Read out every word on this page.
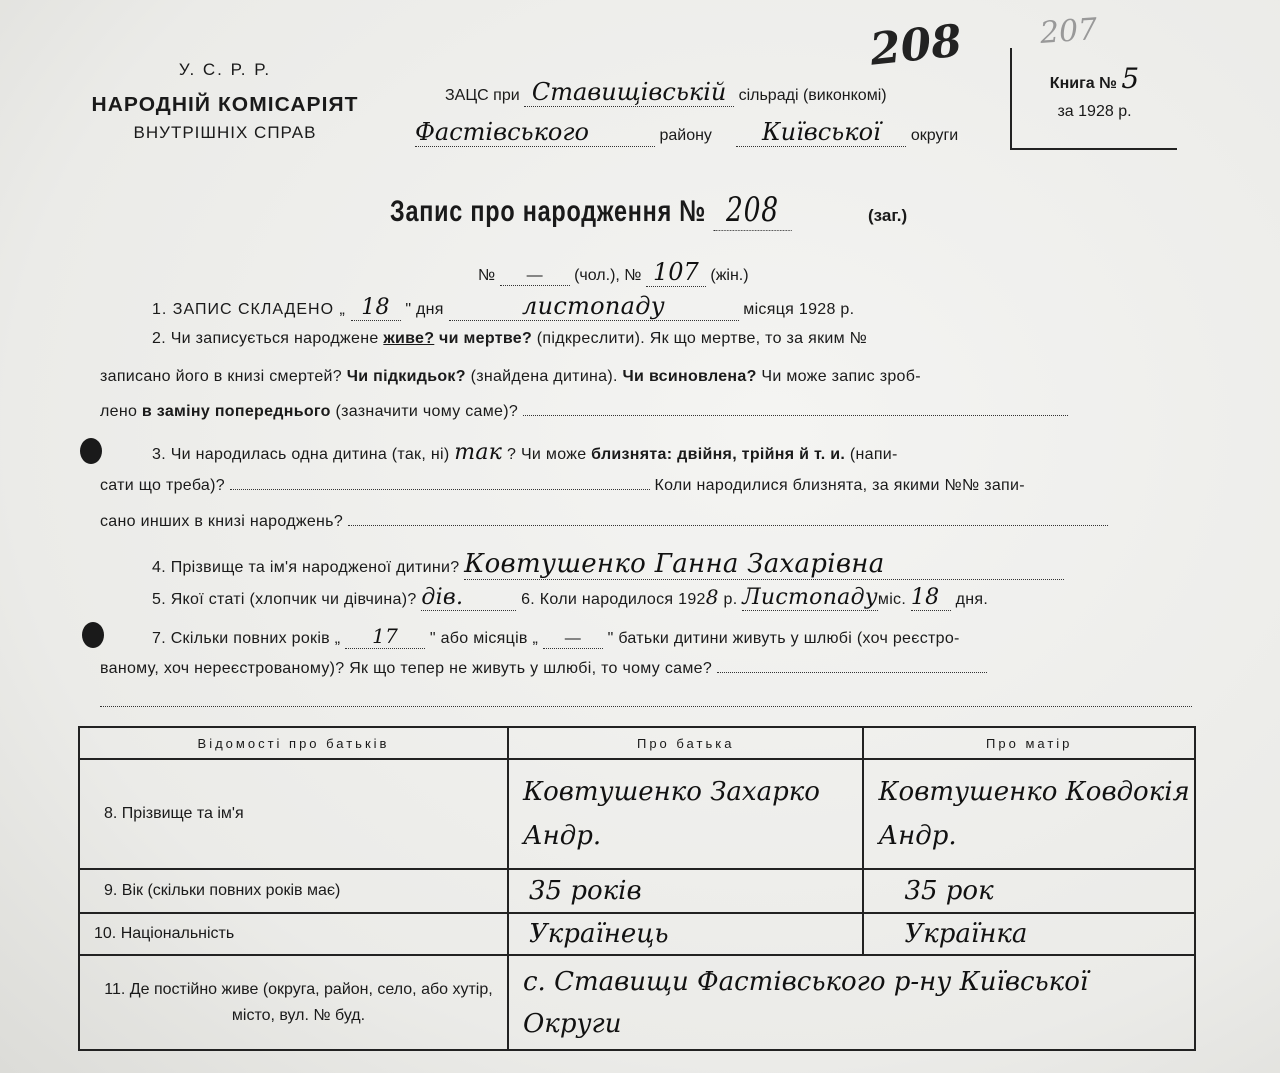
208 207
У. С. Р. Р.
НАРОДНІЙ КОМІСАРІЯТ
ВНУТРІШНІХ СПРАВ
ЗАЦС при Ставищівській сільраді (виконкомі)
Фастівського	району Київської округи
Книга № 5
за 1928 р.
Запис про народження № 208	(заг.)
№ — (чол.), № 107 (жін.)
1. ЗАПИС СКЛАДЕНО „ 18 " дня	листопаду	місяця 1928 р.
2. Чи записується народжене живе? чи мертве? (підкреслити). Як що мертве, то за яким №
записано його в книзі смертей? Чи підкидьок? (знайдена дитина). Чи всиновлена? Чи може запис зроб-
лено в заміну попереднього (зазначити чому саме)?
3. Чи народилась одна дитина (так, ні) так ? Чи може близнята: двійня, трійня й т. и. (напи-
сати що треба)?	Коли народилися близнята, за якими №№ запи-
сано инших в книзі народжень?
4. Прізвище та ім'я народженої дитини? Ковтушенко Ганна Захарівна
5. Якої статі (хлопчик чи дівчина)? дів.	6. Коли народилося 1928 р. Листопадуміс. 18 дня.
7. Скільки повних років „ 17 " або місяців „ — " батьки дитини живуть у шлюбі (хоч реєстро-
ваному, хоч нереєстрованому)? Як що тепер не живуть у шлюбі, то чому саме?
Відомості про батьків	Про батька	Про матір
8. Прізвище та ім'я	Ковтушенко Захарко Андр.	Ковтушенко Ковдокія Андр.
9. Вік (скільки повних років має)	35 років	35 рок
10. Національність	Українець	Українка
11. Де постійно живе (округа, район, село, або хутір, місто, вул. № буд.	с. Ставищи Фастівського р-ну Київської Округи	
